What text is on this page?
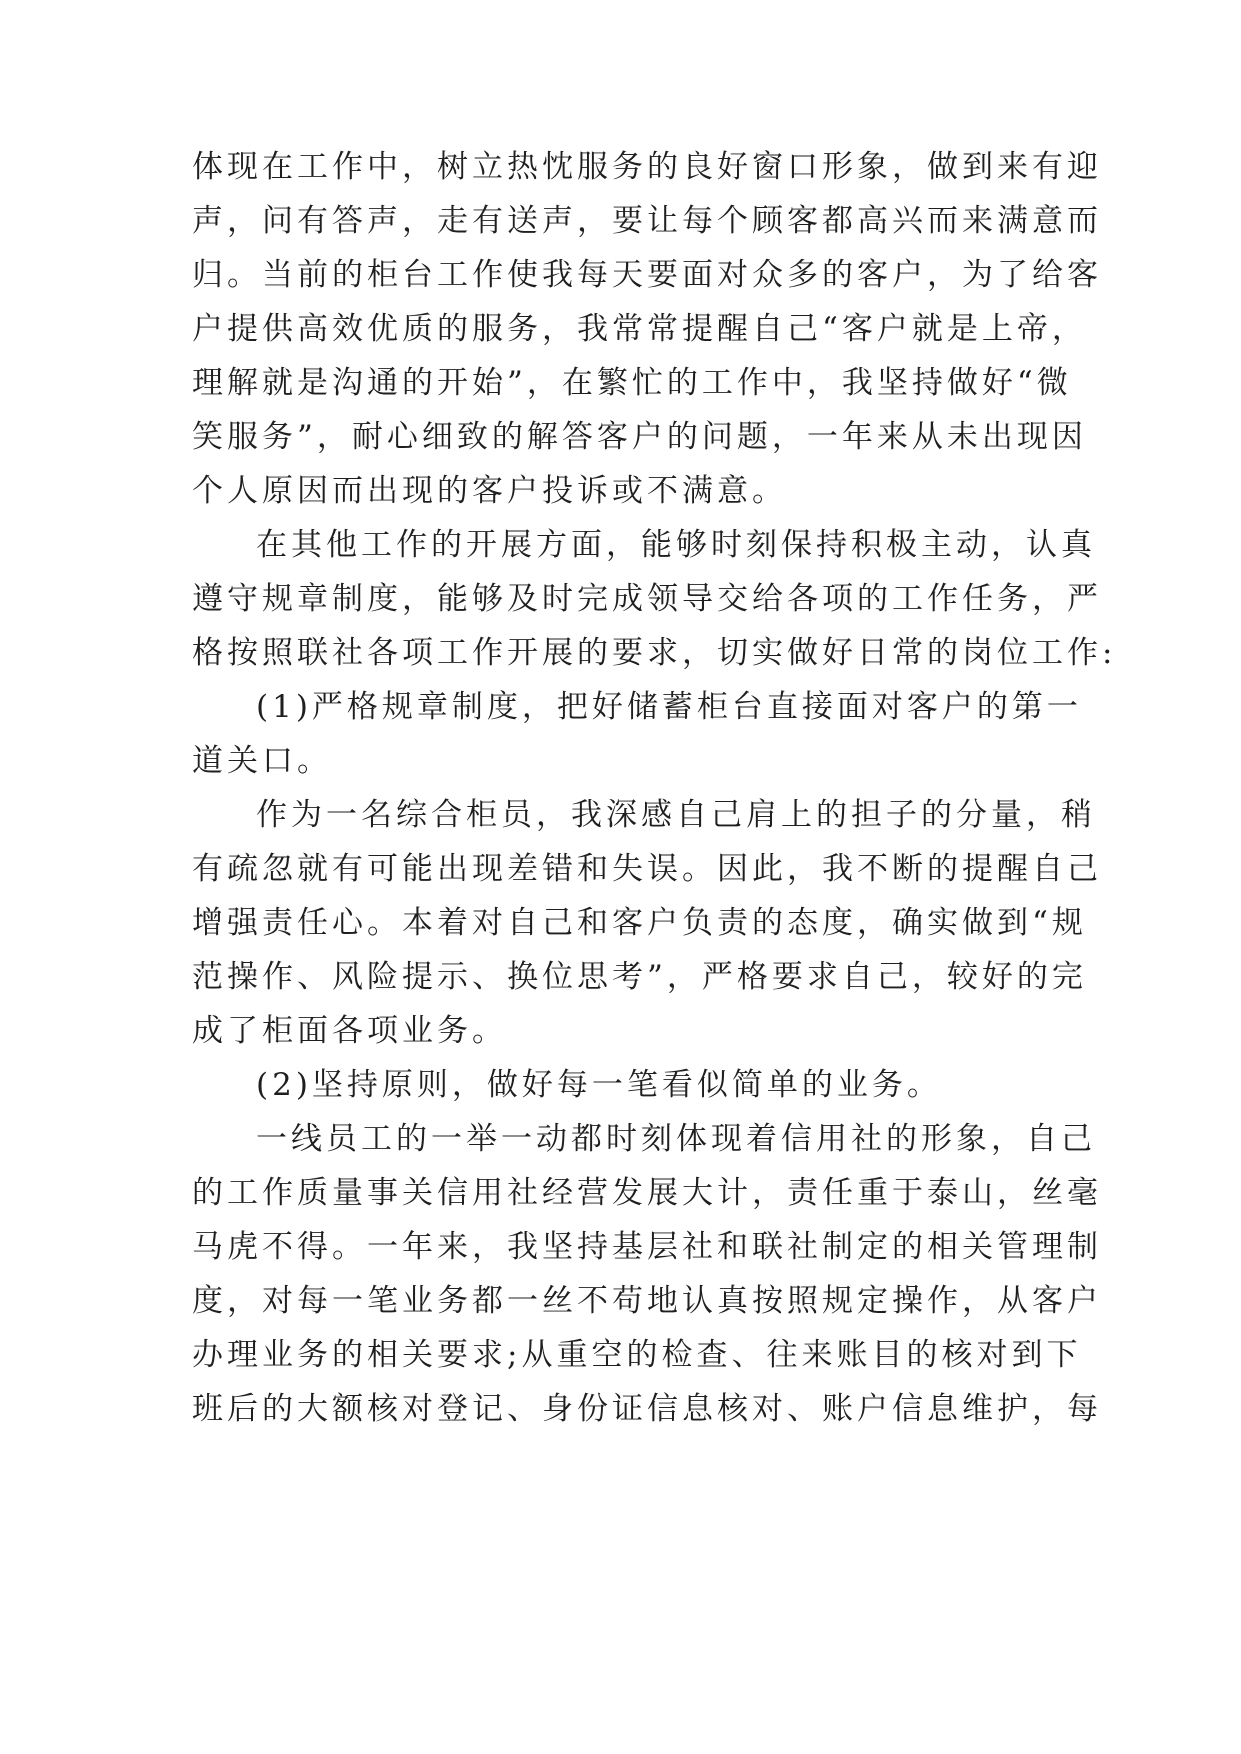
体现在工作中，树立热忱服务的良好窗口形象，做到来有迎
声，问有答声，走有送声，要让每个顾客都高兴而来满意而
归。当前的柜台工作使我每天要面对众多的客户，为了给客
户提供高效优质的服务，我常常提醒自己“客户就是上帝，
理解就是沟通的开始”，在繁忙的工作中，我坚持做好“微
笑服务”，耐心细致的解答客户的问题，一年来从未出现因
个人原因而出现的客户投诉或不满意。
在其他工作的开展方面，能够时刻保持积极主动，认真
遵守规章制度，能够及时完成领导交给各项的工作任务，严
格按照联社各项工作开展的要求，切实做好日常的岗位工作:
(1)严格规章制度，把好储蓄柜台直接面对客户的第一
道关口。
作为一名综合柜员，我深感自己肩上的担子的分量，稍
有疏忽就有可能出现差错和失误。因此，我不断的提醒自己
增强责任心。本着对自己和客户负责的态度，确实做到“规
范操作、风险提示、换位思考”，严格要求自己，较好的完
成了柜面各项业务。
(2)坚持原则，做好每一笔看似简单的业务。
一线员工的一举一动都时刻体现着信用社的形象，自己
的工作质量事关信用社经营发展大计，责任重于泰山，丝毫
马虎不得。一年来，我坚持基层社和联社制定的相关管理制
度，对每一笔业务都一丝不苟地认真按照规定操作，从客户
办理业务的相关要求;从重空的检查、往来账目的核对到下
班后的大额核对登记、身份证信息核对、账户信息维护，每
